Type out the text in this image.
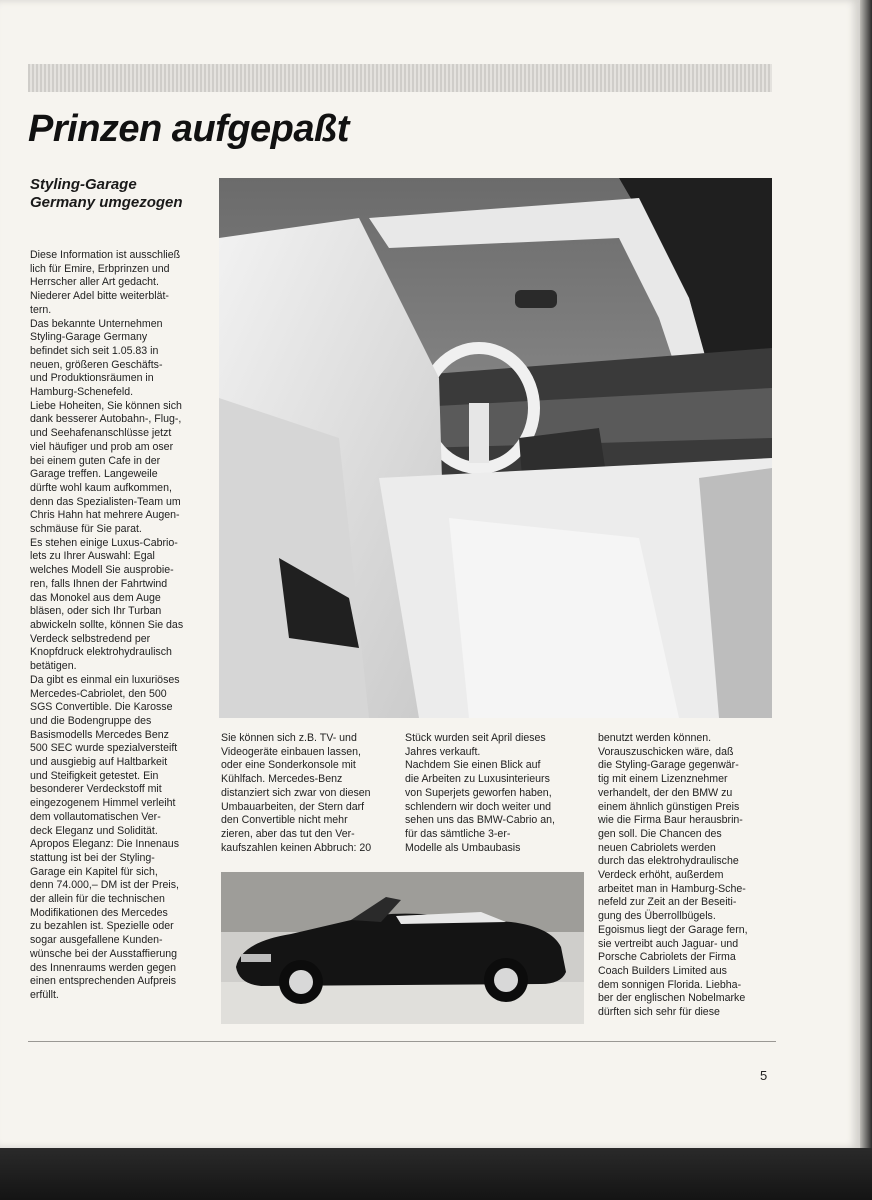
Prinzen aufgepaßt
Styling-Garage
Germany umgezogen
Diese Information ist ausschließ
lich für Emire, Erbprinzen und
Herrscher aller Art gedacht.
Niederer Adel bitte weiterblät-
tern.
Das bekannte Unternehmen
Styling-Garage Germany
befindet sich seit 1.05.83 in
neuen, größeren Geschäfts-
und Produktionsräumen in
Hamburg-Schenefeld.
Liebe Hoheiten, Sie können sich
dank besserer Autobahn-, Flug-,
und Seehafenanschlüsse jetzt
viel häufiger und prob am oser
bei einem guten Cafe in der
Garage treffen. Langeweile
dürfte wohl kaum aufkommen,
denn das Spezialisten-Team um
Chris Hahn hat mehrere Augen-
schmäuse für Sie parat.
Es stehen einige Luxus-Cabrio-
lets zu Ihrer Auswahl: Egal
welches Modell Sie ausprobie-
ren, falls Ihnen der Fahrtwind
das Monokel aus dem Auge
bläsen, oder sich Ihr Turban
abwickeln sollte, können Sie das
Verdeck selbstredend per
Knopfdruck elektrohydraulisch
betätigen.
Da gibt es einmal ein luxuriöses
Mercedes-Cabriolet, den 500
SGS Convertible. Die Karosse
und die Bodengruppe des
Basismodells Mercedes Benz
500 SEC wurde spezialversteift
und ausgiebig auf Haltbarkeit
und Steifigkeit getestet. Ein
besonderer Verdeckstoff mit
eingezogenem Himmel verleiht
dem vollautomatischen Ver-
deck Eleganz und Solidität.
Apropos Eleganz: Die Innenaus
stattung ist bei der Styling-
Garage ein Kapitel für sich,
denn 74.000,– DM ist der Preis,
der allein für die technischen
Modifikationen des Mercedes
zu bezahlen ist. Spezielle oder
sogar ausgefallene Kunden-
wünsche bei der Ausstaffierung
des Innenraums werden gegen
einen entsprechenden Aufpreis
erfüllt.
Sie können sich z.B. TV- und
Videogeräte einbauen lassen,
oder eine Sonderkonsole mit
Kühlfach. Mercedes-Benz
distanziert sich zwar von diesen
Umbauarbeiten, der Stern darf
den Convertible nicht mehr
zieren, aber das tut den Ver-
kaufszahlen keinen Abbruch: 20
Stück wurden seit April dieses
Jahres verkauft.
Nachdem Sie einen Blick auf
die Arbeiten zu Luxusinterieurs
von Superjets geworfen haben,
schlendern wir doch weiter und
sehen uns das BMW-Cabrio an,
für das sämtliche 3-er-
Modelle als Umbaubasis
benutzt werden können.
Vorauszuschicken wäre, daß
die Styling-Garage gegenwär-
tig mit einem Lizenznehmer
verhandelt, der den BMW zu
einem ähnlich günstigen Preis
wie die Firma Baur herausbrin-
gen soll. Die Chancen des
neuen Cabriolets werden
durch das elektrohydraulische
Verdeck erhöht, außerdem
arbeitet man in Hamburg-Sche-
nefeld zur Zeit an der Beseiti-
gung des Überrollbügels.
Egoismus liegt der Garage fern,
sie vertreibt auch Jaguar- und
Porsche Cabriolets der Firma
Coach Builders Limited aus
dem sonnigen Florida. Liebha-
ber der englischen Nobelmarke
dürften sich sehr für diese
5
